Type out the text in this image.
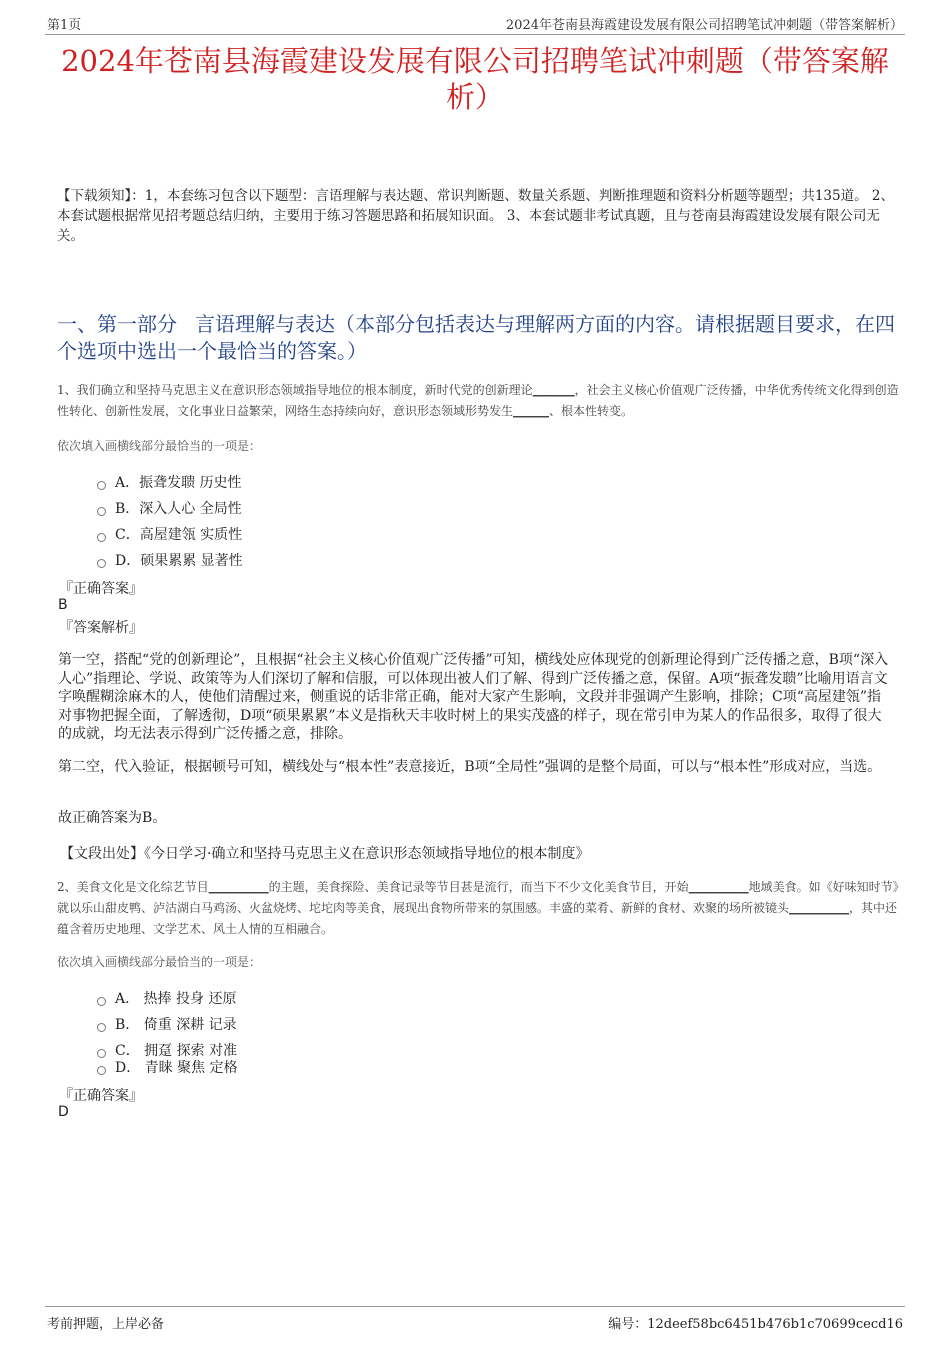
第1页	2024年苍南县海霞建设发展有限公司招聘笔试冲刺题（带答案解析）
2024年苍南县海霞建设发展有限公司招聘笔试冲刺题（带答案解析）
【下载须知】：1，本套练习包含以下题型：言语理解与表达题、常识判断题、数量关系题、判断推理题和资料分析题等题型；共135道。 2、本套试题根据常见招考题总结归纳，主要用于练习答题思路和拓展知识面。 3、本套试题非考试真题，且与苍南县海霞建设发展有限公司无关。
一、第一部分 言语理解与表达（本部分包括表达与理解两方面的内容。请根据题目要求，在四个选项中选出一个最恰当的答案。）
1、我们确立和坚持马克思主义在意识形态领域指导地位的根本制度，新时代党的创新理论_______，社会主义核心价值观广泛传播，中华优秀传统文化得到创造性转化、创新性发展，文化事业日益繁荣，网络生态持续向好，意识形态领域形势发生______、根本性转变。
依次填入画横线部分最恰当的一项是：
A．振聋发聩 历史性
B．深入人心 全局性
C．高屋建瓴 实质性
D．硕果累累 显著性
『正确答案』
B
『答案解析』
第一空，搭配“党的创新理论”，且根据“社会主义核心价值观广泛传播”可知，横线处应体现党的创新理论得到广泛传播之意，B项“深入人心”指理论、学说、政策等为人们深切了解和信服，可以体现出被人们了解、得到广泛传播之意，保留。A项“振聋发聩”比喻用语言文字唤醒糊涂麻木的人，使他们清醒过来，侧重说的话非常正确，能对大家产生影响，文段并非强调产生影响，排除；C项“高屋建瓴”指对事物把握全面，了解透彻，D项“硕果累累”本义是指秋天丰收时树上的果实茂盛的样子，现在常引申为某人的作品很多，取得了很大的成就，均无法表示得到广泛传播之意，排除。
第二空，代入验证，根据顿号可知，横线处与“根本性”表意接近，B项“全局性”强调的是整个局面，可以与“根本性”形成对应，当选。
故正确答案为B。
【文段出处】《今日学习·确立和坚持马克思主义在意识形态领域指导地位的根本制度》
2、美食文化是文化综艺节目__________的主题，美食探险、美食记录等节目甚是流行，而当下不少文化美食节目，开始__________地域美食。如《好味知时节》就以乐山甜皮鸭、泸沽湖白马鸡汤、火盆烧烤、坨坨肉等美食，展现出食物所带来的氛围感。丰盛的菜肴、新鲜的食材、欢聚的场所被镜头__________，其中还蕴含着历史地理、文学艺术、风土人情的互相融合。
依次填入画横线部分最恰当的一项是：
A． 热捧 投身 还原
B． 倚重 深耕 记录
C． 拥趸 探索 对准
D． 青睐 聚焦 定格
『正确答案』
D
考前押题，上岸必备	编号：12deef58bc6451b476b1c70699cecd16
